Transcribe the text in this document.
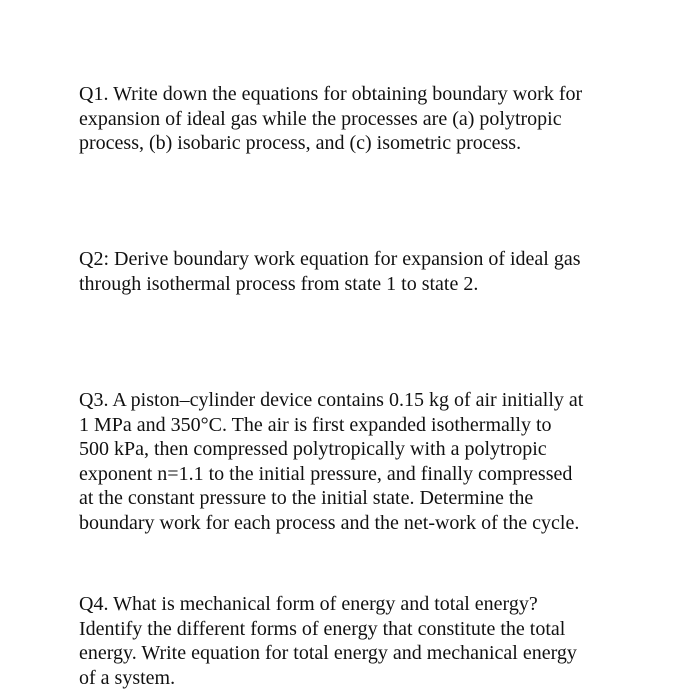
Q1. Write down the equations for obtaining boundary work for
expansion of ideal gas while the processes are (a) polytropic
process, (b) isobaric process, and (c) isometric process.

Q2: Derive boundary work equation for expansion of ideal gas
through isothermal process from state 1 to state 2.

Q3. A piston–cylinder device contains 0.15 kg of air initially at
1 MPa and 350°C. The air is first expanded isothermally to
500 kPa, then compressed polytropically with a polytropic
exponent n=1.1 to the initial pressure, and finally compressed
at the constant pressure to the initial state. Determine the
boundary work for each process and the net-work of the cycle.

Q4. What is mechanical form of energy and total energy?
Identify the different forms of energy that constitute the total
energy. Write equation for total energy and mechanical energy
of a system.
